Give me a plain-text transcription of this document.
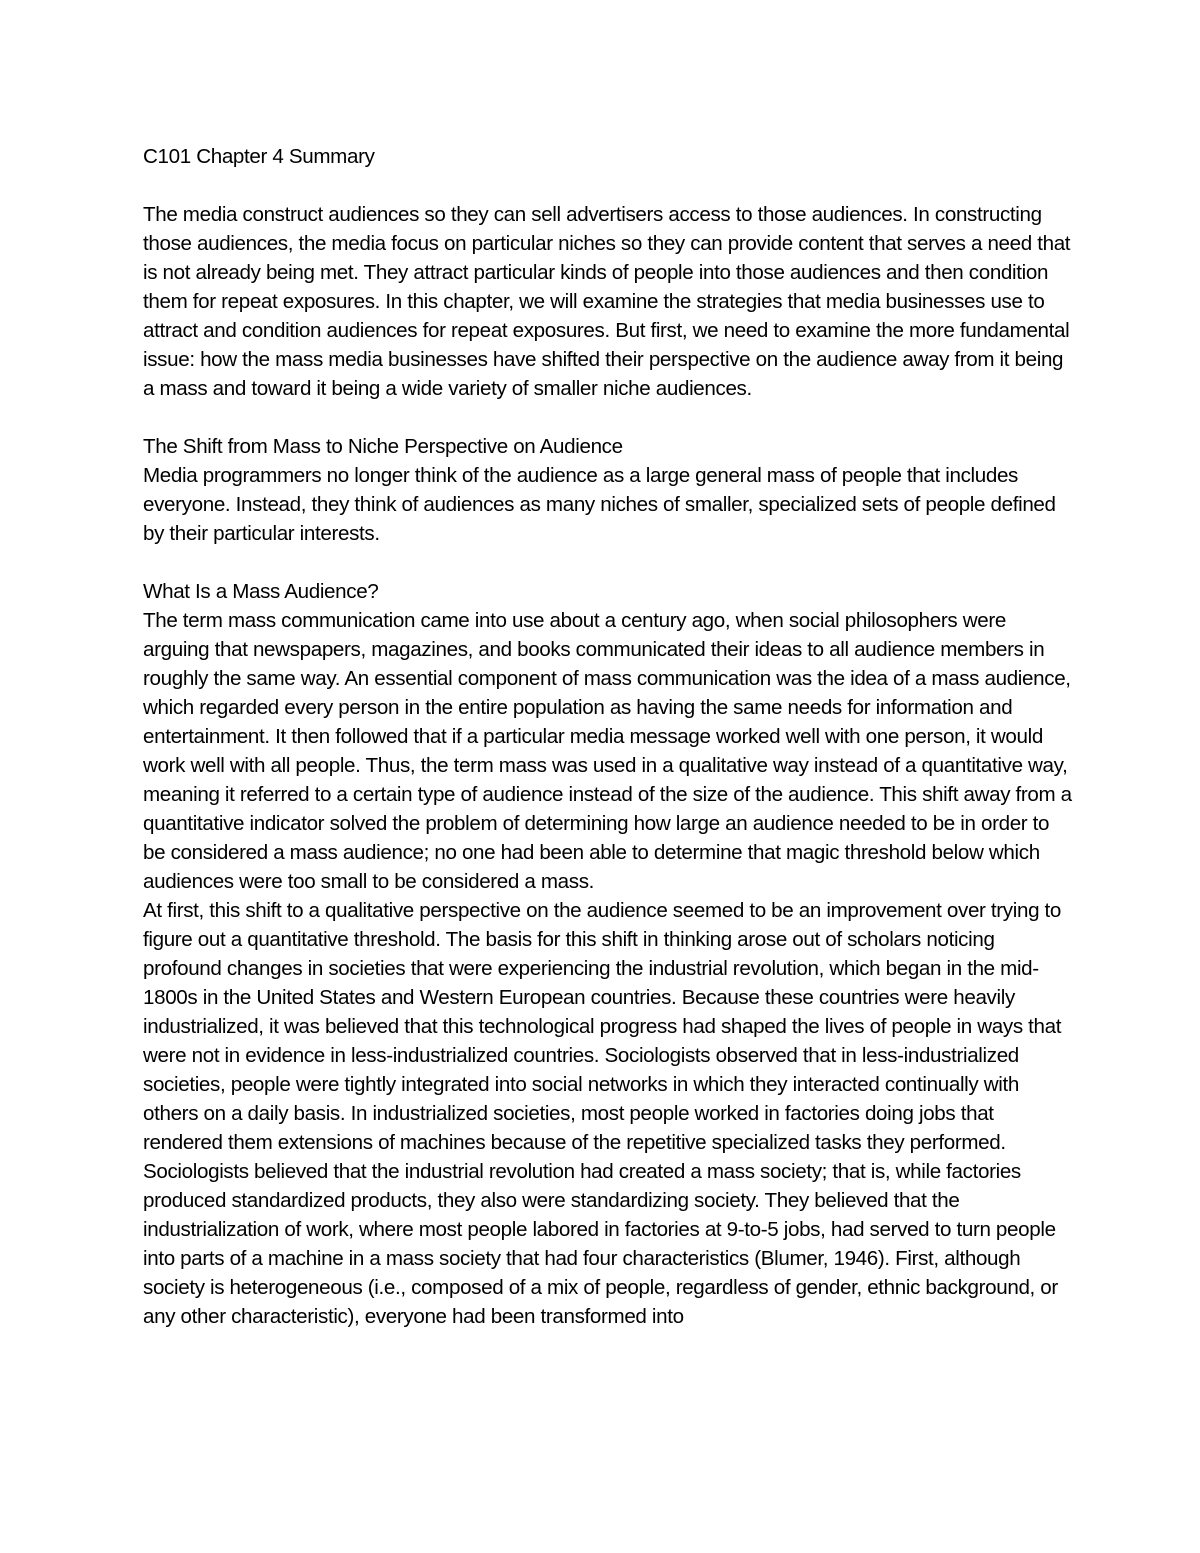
C101 Chapter 4 Summary

The media construct audiences so they can sell advertisers access to those audiences. In constructing those audiences, the media focus on particular niches so they can provide content that serves a need that is not already being met. They attract particular kinds of people into those audiences and then condition them for repeat exposures. In this chapter, we will examine the strategies that media businesses use to attract and condition audiences for repeat exposures. But first, we need to examine the more fundamental issue: how the mass media businesses have shifted their perspective on the audience away from it being a mass and toward it being a wide variety of smaller niche audiences.

The Shift from Mass to Niche Perspective on Audience

Media programmers no longer think of the audience as a large general mass of people that includes everyone. Instead, they think of audiences as many niches of smaller, specialized sets of people defined by their particular interests.

What Is a Mass Audience?

The term mass communication came into use about a century ago, when social philosophers were arguing that newspapers, magazines, and books communicated their ideas to all audience members in roughly the same way. An essential component of mass communication was the idea of a mass audience, which regarded every person in the entire population as having the same needs for information and entertainment. It then followed that if a particular media message worked well with one person, it would work well with all people. Thus, the term mass was used in a qualitative way instead of a quantitative way, meaning it referred to a certain type of audience instead of the size of the audience. This shift away from a quantitative indicator solved the problem of determining how large an audience needed to be in order to be considered a mass audience; no one had been able to determine that magic threshold below which audiences were too small to be considered a mass.

At first, this shift to a qualitative perspective on the audience seemed to be an improvement over trying to figure out a quantitative threshold. The basis for this shift in thinking arose out of scholars noticing profound changes in societies that were experiencing the industrial revolution, which began in the mid-1800s in the United States and Western European countries. Because these countries were heavily industrialized, it was believed that this technological progress had shaped the lives of people in ways that were not in evidence in less-industrialized countries. Sociologists observed that in less-industrialized societies, people were tightly integrated into social networks in which they interacted continually with others on a daily basis. In industrialized societies, most people worked in factories doing jobs that rendered them extensions of machines because of the repetitive specialized tasks they performed. Sociologists believed that the industrial revolution had created a mass society; that is, while factories produced standardized products, they also were standardizing society. They believed that the industrialization of work, where most people labored in factories at 9-to-5 jobs, had served to turn people into parts of a machine in a mass society that had four characteristics (Blumer, 1946). First, although society is heterogeneous (i.e., composed of a mix of people, regardless of gender, ethnic background, or any other characteristic), everyone had been transformed into
